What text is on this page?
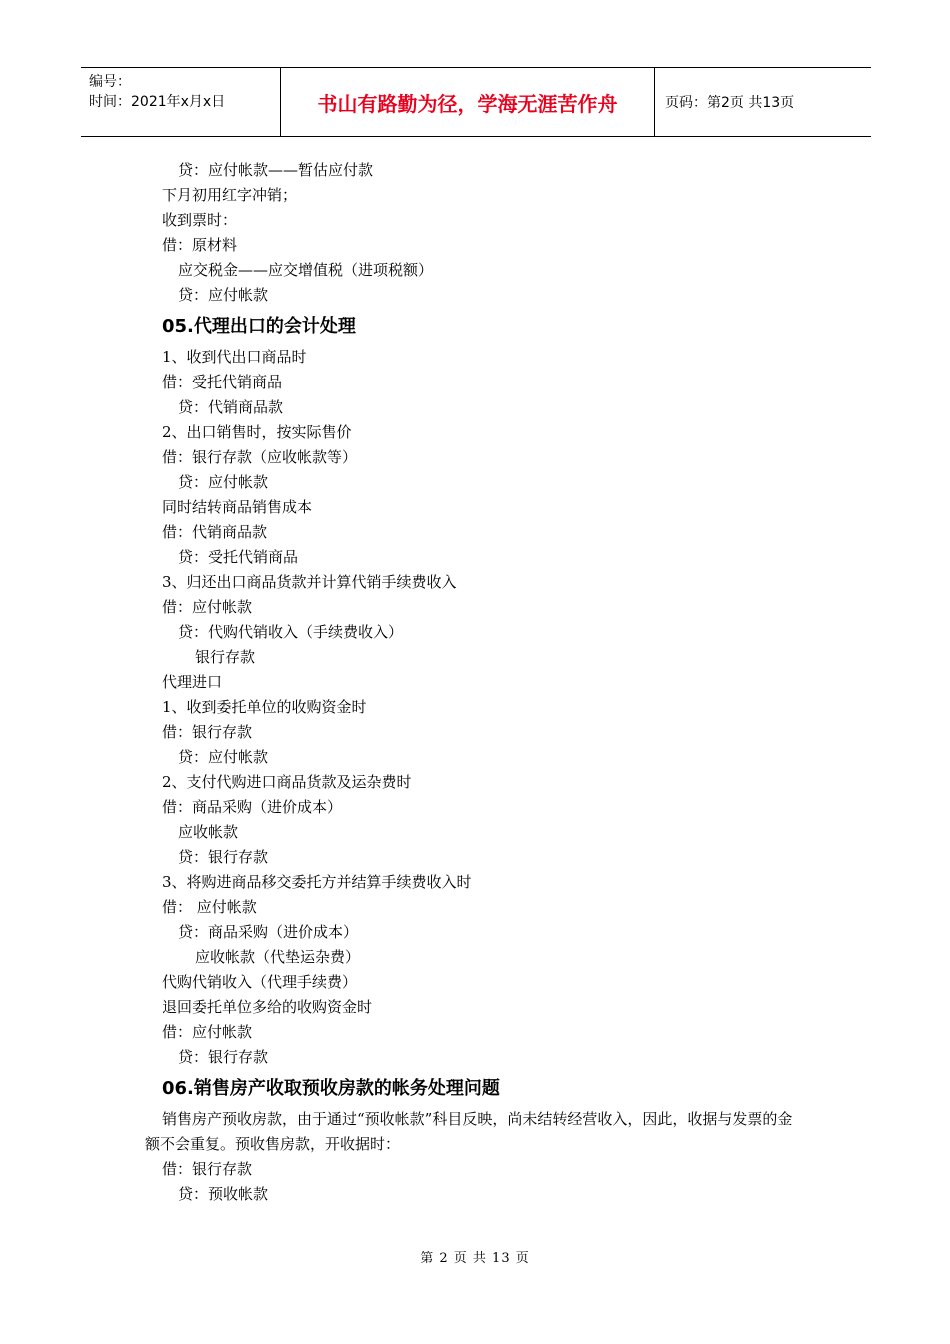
编号：
时间：2021年x月x日	书山有路勤为径，学海无涯苦作舟	页码：第2页 共13页
贷：应付帐款——暂估应付款
下月初用红字冲销；
收到票时：
借：原材料
应交税金——应交增值税（进项税额）
贷：应付帐款
05.代理出口的会计处理
1、收到代出口商品时
借：受托代销商品
贷：代销商品款
2、出口销售时，按实际售价
借：银行存款（应收帐款等）
贷：应付帐款
同时结转商品销售成本
借：代销商品款
贷：受托代销商品
3、归还出口商品货款并计算代销手续费收入
借：应付帐款
贷：代购代销收入（手续费收入）
银行存款
代理进口
1、收到委托单位的收购资金时
借：银行存款
贷：应付帐款
2、支付代购进口商品货款及运杂费时
借：商品采购（进价成本）
应收帐款
贷：银行存款
3、将购进商品移交委托方并结算手续费收入时
借： 应付帐款
贷：商品采购（进价成本）
应收帐款（代垫运杂费）
代购代销收入（代理手续费）
退回委托单位多给的收购资金时
借：应付帐款
贷：银行存款
06.销售房产收取预收房款的帐务处理问题
销售房产预收房款，由于通过“预收帐款”科目反映，尚未结转经营收入，因此，收据与发票的金额不会重复。预收售房款，开收据时：
借：银行存款
贷：预收帐款
第 2 页 共 13 页
